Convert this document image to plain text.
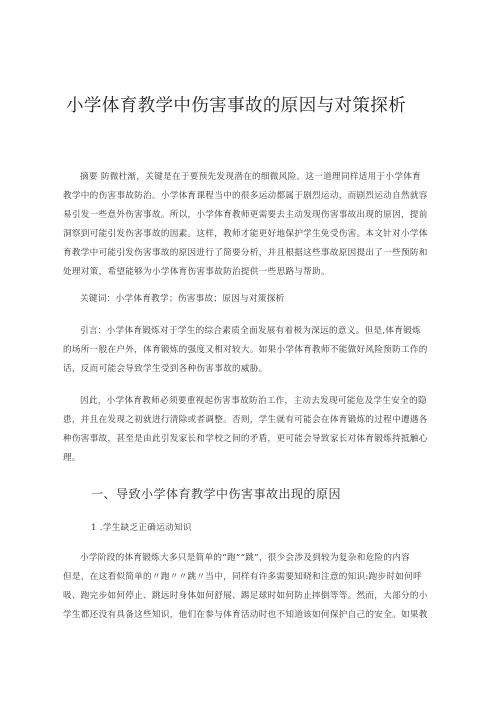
小学体育教学中伤害事故的原因与对策探析
摘要 防微杜渐，关键是在于要预先发现潜在的细微风险。这一道理同样适用于小学体育
教学中的伤害事故防治。小学体育课程当中的很多运动都属于剧烈运动，而剧烈运动自然就容
易引发一些意外伤害事故。所以，小学体育教师更需要去主动发现伤害事故出现的原因，提前
洞察到可能引发伤害事故的因素。这样，教师才能更好地保护学生免受伤害。本文针对小学体
育教学中可能引发伤害事故的原因进行了简要分析，并且根据这些事故原因提出了一些预防和
处理对策，希望能够为小学体育伤害事故防治提供一些思路与帮助。
关键词：小学体育教学；伤害事故；原因与对策探析
引言：小学体育锻炼对于学生的综合素质全面发展有着极为深远的意义。但是,体育锻炼
的场所一般在户外，体育锻炼的强度又相对较大。如果小学体育教师不能做好风险预防工作的
话，反而可能会导致学生受到各种伤害事故的威胁。
因此，小学体育教师必须要重视起伤害事故防治工作，主动去发现可能危及学生安全的隐
患，并且在发现之初就进行清除或者调整。否则，学生就有可能会在体育锻炼的过程中遭遇各
种伤害事故，甚至是由此引发家长和学校之间的矛盾，更可能会导致家长对体育锻炼持抵触心
理。
一、导致小学体育教学中伤害事故出现的原因
1 .学生缺乏正确运动知识
小学阶段的体育锻炼大多只是简单的“跑”“跳”，很少会涉及到较为复杂和危险的内容
但是，在这看似简单的〃跑〃〃跳〃当中，同样有许多需要知晓和注意的知识:跑步时如何呼
吸、跑完步如何停止、跳远时身体如何舒展、踢足球时如何防止摔倒等等。然而，大部分的小
学生都还没有具备这些知识，他们在参与体育活动时也不知道该如何保护自己的安全。如果教
